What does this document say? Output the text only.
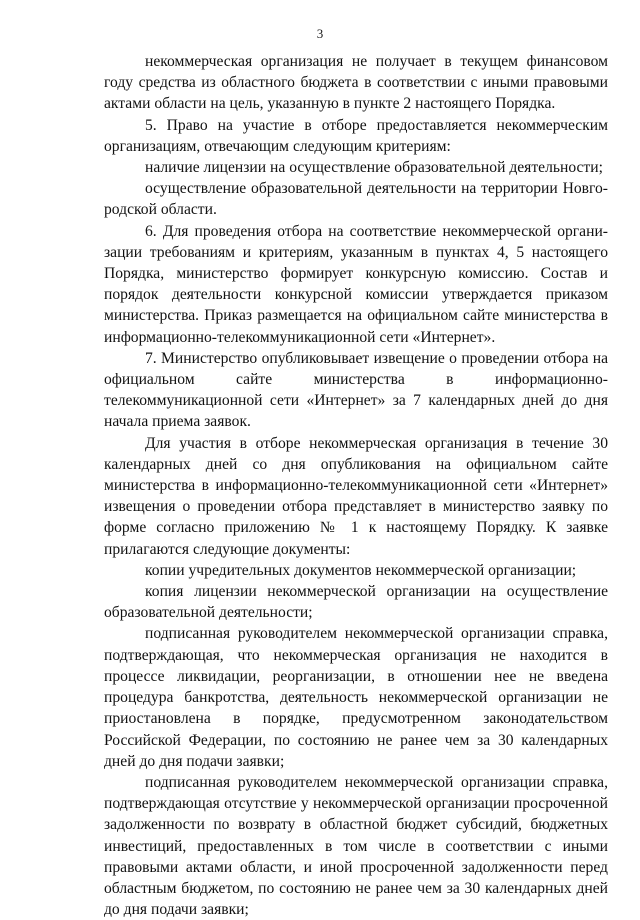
3

некоммерческая организация не получает в текущем финансовом году средства из областного бюджета в соответствии с иными правовыми актами области на цель, указанную в пункте 2 настоящего Порядка.

5. Право на участие в отборе предоставляется некоммерческим организациям, отвечающим следующим критериям:

наличие лицензии на осуществление образовательной деятельности;

осуществление образовательной деятельности на территории Новгородской области.

6. Для проведения отбора на соответствие некоммерческой организации требованиям и критериям, указанным в пунктах 4, 5 настоящего Порядка, министерство формирует конкурсную комиссию. Состав и порядок деятельности конкурсной комиссии утверждается приказом министерства. Приказ размещается на официальном сайте министерства в информационно-телекоммуникационной сети «Интернет».

7. Министерство опубликовывает извещение о проведении отбора на официальном сайте министерства в информационно-телекоммуникационной сети «Интернет» за 7 календарных дней до дня начала приема заявок.

Для участия в отборе некоммерческая организация в течение 30 календарных дней со дня опубликования на официальном сайте министерства в информационно-телекоммуникационной сети «Интернет» извещения о проведении отбора представляет в министерство заявку по форме согласно приложению № 1 к настоящему Порядку. К заявке прилагаются следующие документы:

копии учредительных документов некоммерческой организации;

копия лицензии некоммерческой организации на осуществление образовательной деятельности;

подписанная руководителем некоммерческой организации справка, подтверждающая, что некоммерческая организация не находится в процессе ликвидации, реорганизации, в отношении нее не введена процедура банкротства, деятельность некоммерческой организации не приостановлена в порядке, предусмотренном законодательством Российской Федерации, по состоянию не ранее чем за 30 календарных дней до дня подачи заявки;

подписанная руководителем некоммерческой организации справка, подтверждающая отсутствие у некоммерческой организации просроченной задолженности по возврату в областной бюджет субсидий, бюджетных инвестиций, предоставленных в том числе в соответствии с иными правовыми актами области, и иной просроченной задолженности перед областным бюджетом, по состоянию не ранее чем за 30 календарных дней до дня подачи заявки;
